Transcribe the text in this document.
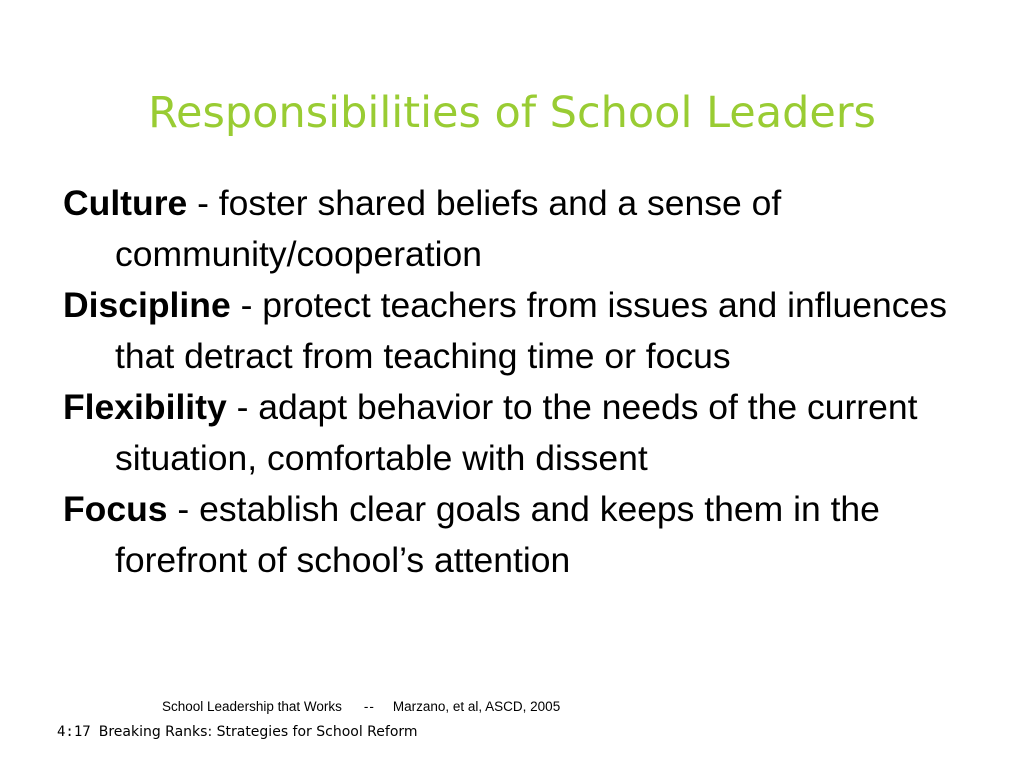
Responsibilities of School Leaders

Culture - foster shared beliefs and a sense of community/cooperation

Discipline - protect teachers from issues and influences that detract from teaching time or focus

Flexibility - adapt behavior to the needs of the current situation, comfortable with dissent

Focus - establish clear goals and keeps them in the forefront of school’s attention

School Leadership that Works -- Marzano, et al, ASCD, 2005
4:17 Breaking Ranks: Strategies for School Reform
